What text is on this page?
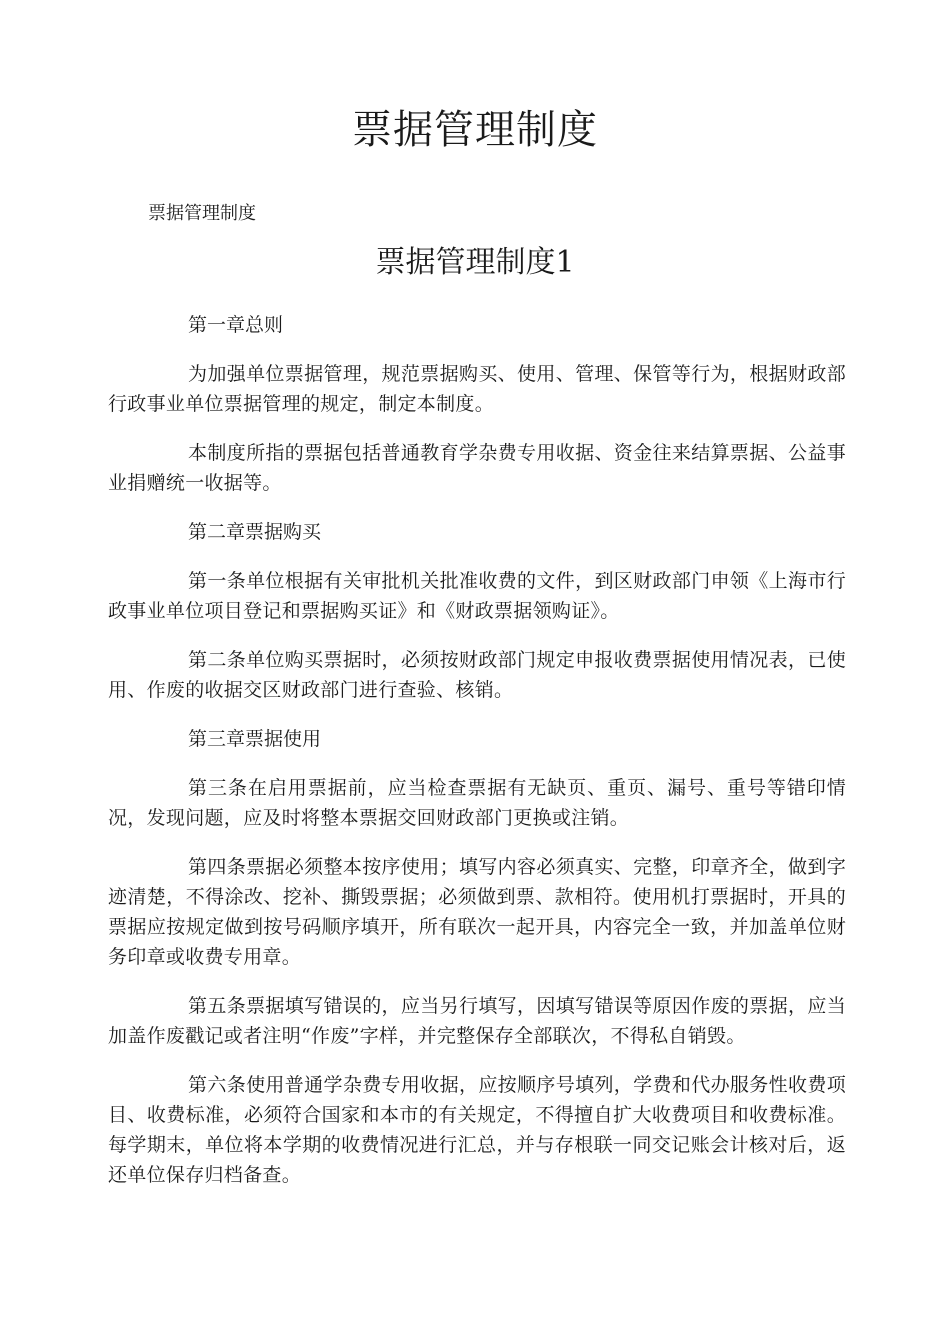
票据管理制度
票据管理制度
票据管理制度1

第一章总则

为加强单位票据管理，规范票据购买、使用、管理、保管等行为，根据财政部行政事业单位票据管理的规定，制定本制度。

本制度所指的票据包括普通教育学杂费专用收据、资金往来结算票据、公益事业捐赠统一收据等。

第二章票据购买

第一条单位根据有关审批机关批准收费的文件，到区财政部门申领《上海市行政事业单位项目登记和票据购买证》和《财政票据领购证》。

第二条单位购买票据时，必须按财政部门规定申报收费票据使用情况表，已使用、作废的收据交区财政部门进行查验、核销。

第三章票据使用

第三条在启用票据前，应当检查票据有无缺页、重页、漏号、重号等错印情况，发现问题，应及时将整本票据交回财政部门更换或注销。

第四条票据必须整本按序使用；填写内容必须真实、完整，印章齐全，做到字迹清楚，不得涂改、挖补、撕毁票据；必须做到票、款相符。使用机打票据时，开具的票据应按规定做到按号码顺序填开，所有联次一起开具，内容完全一致，并加盖单位财务印章或收费专用章。

第五条票据填写错误的，应当另行填写，因填写错误等原因作废的票据，应当加盖作废戳记或者注明“作废”字样，并完整保存全部联次，不得私自销毁。

第六条使用普通学杂费专用收据，应按顺序号填列，学费和代办服务性收费项目、收费标准，必须符合国家和本市的有关规定，不得擅自扩大收费项目和收费标准。每学期末，单位将本学期的收费情况进行汇总，并与存根联一同交记账会计核对后，返还单位保存归档备查。
